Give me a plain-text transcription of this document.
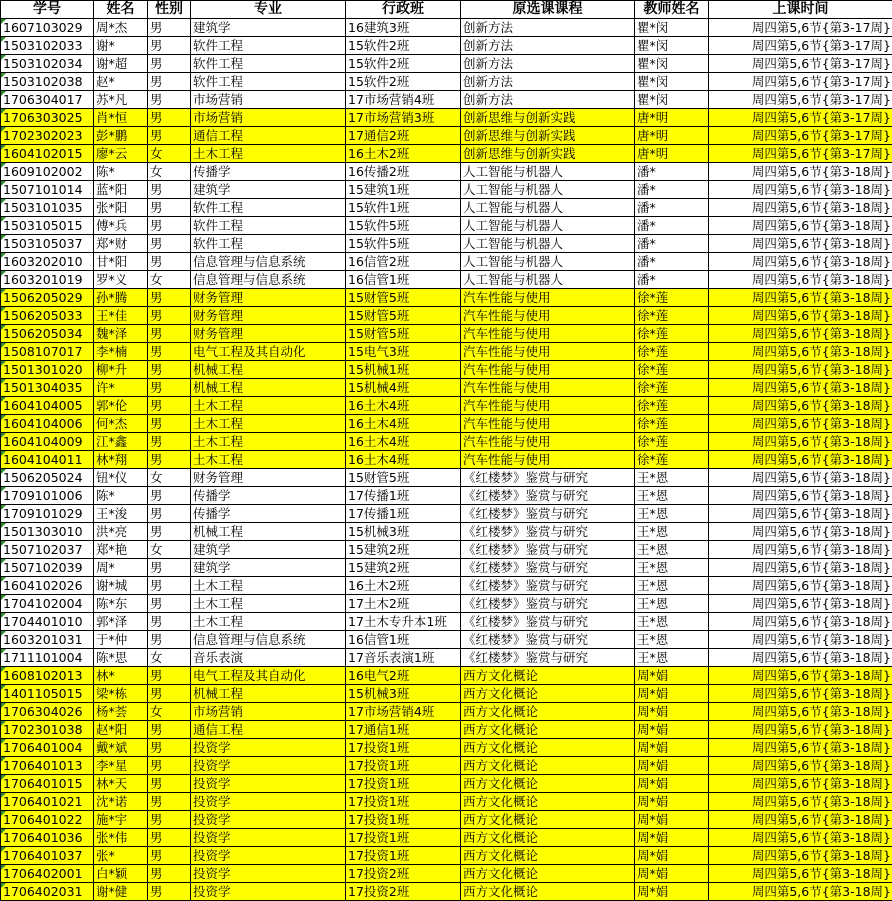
学号	姓名	性别	专业	行政班	原选课课程	教师姓名	上课时间
1607103029	周*杰	男	建筑学	16建筑3班	创新方法	瞿*闵	周四第5,6节{第3-17周}
1503102033	谢*	男	软件工程	15软件2班	创新方法	瞿*闵	周四第5,6节{第3-17周}
1503102034	谢*超	男	软件工程	15软件2班	创新方法	瞿*闵	周四第5,6节{第3-17周}
1503102038	赵*	男	软件工程	15软件2班	创新方法	瞿*闵	周四第5,6节{第3-17周}
1706304017	苏*凡	男	市场营销	17市场营销4班	创新方法	瞿*闵	周四第5,6节{第3-17周}
1706303025	肖*恒	男	市场营销	17市场营销3班	创新思维与创新实践	唐*明	周四第5,6节{第3-17周}
1702302023	彭*鹏	男	通信工程	17通信2班	创新思维与创新实践	唐*明	周四第5,6节{第3-17周}
1604102015	廖*云	女	土木工程	16土木2班	创新思维与创新实践	唐*明	周四第5,6节{第3-17周}
1609102002	陈*	女	传播学	16传播2班	人工智能与机器人	潘*	周四第5,6节{第3-18周}
1507101014	蓝*阳	男	建筑学	15建筑1班	人工智能与机器人	潘*	周四第5,6节{第3-18周}
1503101035	张*阳	男	软件工程	15软件1班	人工智能与机器人	潘*	周四第5,6节{第3-18周}
1503105015	傅*兵	男	软件工程	15软件5班	人工智能与机器人	潘*	周四第5,6节{第3-18周}
1503105037	郑*财	男	软件工程	15软件5班	人工智能与机器人	潘*	周四第5,6节{第3-18周}
1603202010	甘*阳	男	信息管理与信息系统	16信管2班	人工智能与机器人	潘*	周四第5,6节{第3-18周}
1603201019	罗*义	女	信息管理与信息系统	16信管1班	人工智能与机器人	潘*	周四第5,6节{第3-18周}
1506205029	孙*腾	男	财务管理	15财管5班	汽车性能与使用	徐*莲	周四第5,6节{第3-18周}
1506205033	王*佳	男	财务管理	15财管5班	汽车性能与使用	徐*莲	周四第5,6节{第3-18周}
1506205034	魏*泽	男	财务管理	15财管5班	汽车性能与使用	徐*莲	周四第5,6节{第3-18周}
1508107017	李*楠	男	电气工程及其自动化	15电气3班	汽车性能与使用	徐*莲	周四第5,6节{第3-18周}
1501301020	柳*升	男	机械工程	15机械1班	汽车性能与使用	徐*莲	周四第5,6节{第3-18周}
1501304035	许*	男	机械工程	15机械4班	汽车性能与使用	徐*莲	周四第5,6节{第3-18周}
1604104005	郭*伦	男	土木工程	16土木4班	汽车性能与使用	徐*莲	周四第5,6节{第3-18周}
1604104006	何*杰	男	土木工程	16土木4班	汽车性能与使用	徐*莲	周四第5,6节{第3-18周}
1604104009	江*鑫	男	土木工程	16土木4班	汽车性能与使用	徐*莲	周四第5,6节{第3-18周}
1604104011	林*翔	男	土木工程	16土木4班	汽车性能与使用	徐*莲	周四第5,6节{第3-18周}
1506205024	钮*仪	女	财务管理	15财管5班	《红楼梦》鉴赏与研究	王*恩	周四第5,6节{第3-18周}
1709101006	陈*	男	传播学	17传播1班	《红楼梦》鉴赏与研究	王*恩	周四第5,6节{第3-18周}
1709101029	王*浚	男	传播学	17传播1班	《红楼梦》鉴赏与研究	王*恩	周四第5,6节{第3-18周}
1501303010	洪*亮	男	机械工程	15机械3班	《红楼梦》鉴赏与研究	王*恩	周四第5,6节{第3-18周}
1507102037	郑*艳	女	建筑学	15建筑2班	《红楼梦》鉴赏与研究	王*恩	周四第5,6节{第3-18周}
1507102039	周*	男	建筑学	15建筑2班	《红楼梦》鉴赏与研究	王*恩	周四第5,6节{第3-18周}
1604102026	谢*城	男	土木工程	16土木2班	《红楼梦》鉴赏与研究	王*恩	周四第5,6节{第3-18周}
1704102004	陈*东	男	土木工程	17土木2班	《红楼梦》鉴赏与研究	王*恩	周四第5,6节{第3-18周}
1704401010	郭*泽	男	土木工程	17土木专升本1班	《红楼梦》鉴赏与研究	王*恩	周四第5,6节{第3-18周}
1603201031	于*仲	男	信息管理与信息系统	16信管1班	《红楼梦》鉴赏与研究	王*恩	周四第5,6节{第3-18周}
1711101004	陈*思	女	音乐表演	17音乐表演1班	《红楼梦》鉴赏与研究	王*恩	周四第5,6节{第3-18周}
1608102013	林*	男	电气工程及其自动化	16电气2班	西方文化概论	周*娟	周四第5,6节{第3-18周}
1401105015	梁*栋	男	机械工程	15机械3班	西方文化概论	周*娟	周四第5,6节{第3-18周}
1706304026	杨*荟	女	市场营销	17市场营销4班	西方文化概论	周*娟	周四第5,6节{第3-18周}
1702301038	赵*阳	男	通信工程	17通信1班	西方文化概论	周*娟	周四第5,6节{第3-18周}
1706401004	戴*斌	男	投资学	17投资1班	西方文化概论	周*娟	周四第5,6节{第3-18周}
1706401013	李*星	男	投资学	17投资1班	西方文化概论	周*娟	周四第5,6节{第3-18周}
1706401015	林*天	男	投资学	17投资1班	西方文化概论	周*娟	周四第5,6节{第3-18周}
1706401021	沈*诺	男	投资学	17投资1班	西方文化概论	周*娟	周四第5,6节{第3-18周}
1706401022	施*宇	男	投资学	17投资1班	西方文化概论	周*娟	周四第5,6节{第3-18周}
1706401036	张*伟	男	投资学	17投资1班	西方文化概论	周*娟	周四第5,6节{第3-18周}
1706401037	张*	男	投资学	17投资1班	西方文化概论	周*娟	周四第5,6节{第3-18周}
1706402001	白*颖	男	投资学	17投资2班	西方文化概论	周*娟	周四第5,6节{第3-18周}
1706402031	谢*健	男	投资学	17投资2班	西方文化概论	周*娟	周四第5,6节{第3-18周}
